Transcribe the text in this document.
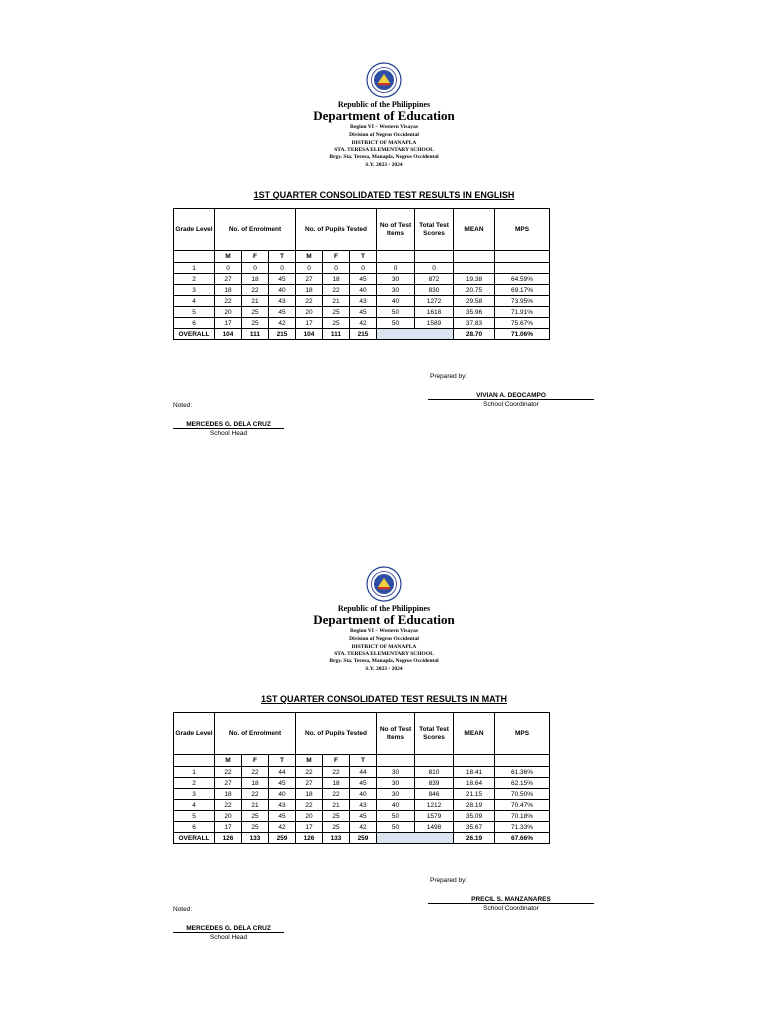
Republic of the Philippines
Department of Education
Region VI – Western Visayas
Division of Negros Occidental
DISTRICT OF MANAPLA
STA. TERESA ELEMENTARY SCHOOL
Brgy. Sta. Teresa, Manapla, Negros Occidental
S.Y. 2023 - 2024
1ST QUARTER CONSOLIDATED TEST RESULTS IN ENGLISH
Grade Level	No. of Enrolment			No. of Pupils Tested			No of Test Items	Total Test Scores	MEAN	MPS
	M	F	T	M	F	T				
1	0	0	0	0	0	0	0	0		
2	27	18	45	27	18	45	30	872	19.38	64.59%
3	18	22	40	18	22	40	30	830	20.75	69.17%
4	22	21	43	22	21	43	40	1272	29.58	73.95%
5	20	25	45	20	25	45	50	1618	35.96	71.91%
6	17	25	42	17	25	42	50	1589	37.83	75.67%
OVERALL	104	111	215	104	111	215			28.70	71.06%
Prepared by:
VIVIAN A. DEOCAMPO
School Coordinator
Noted:
MERCEDES G. DELA CRUZ
School Head
Republic of the Philippines
Department of Education
Region VI – Western Visayas
Division of Negros Occidental
DISTRICT OF MANAPLA
STA. TERESA ELEMENTARY SCHOOL
Brgy. Sta. Teresa, Manapla, Negros Occidental
S.Y. 2023 - 2024
1ST QUARTER CONSOLIDATED TEST RESULTS IN MATH
Grade Level	No. of Enrolment			No. of Pupils Tested			No of Test Items	Total Test Scores	MEAN	MPS
	M	F	T	M	F	T				
1	22	22	44	22	22	44	30	810	18.41	61.36%
2	27	18	45	27	18	45	30	839	18.64	62.15%
3	18	22	40	18	22	40	30	846	21.15	70.50%
4	22	21	43	22	21	43	40	1212	28.19	70.47%
5	20	25	45	20	25	45	50	1579	35.09	70.18%
6	17	25	42	17	25	42	50	1498	35.67	71.33%
OVERALL	126	133	259	126	133	259			26.19	67.66%
Prepared by:
PRECIL S. MANZANARES
School Coordinator
Noted:
MERCEDES G. DELA CRUZ
School Head
